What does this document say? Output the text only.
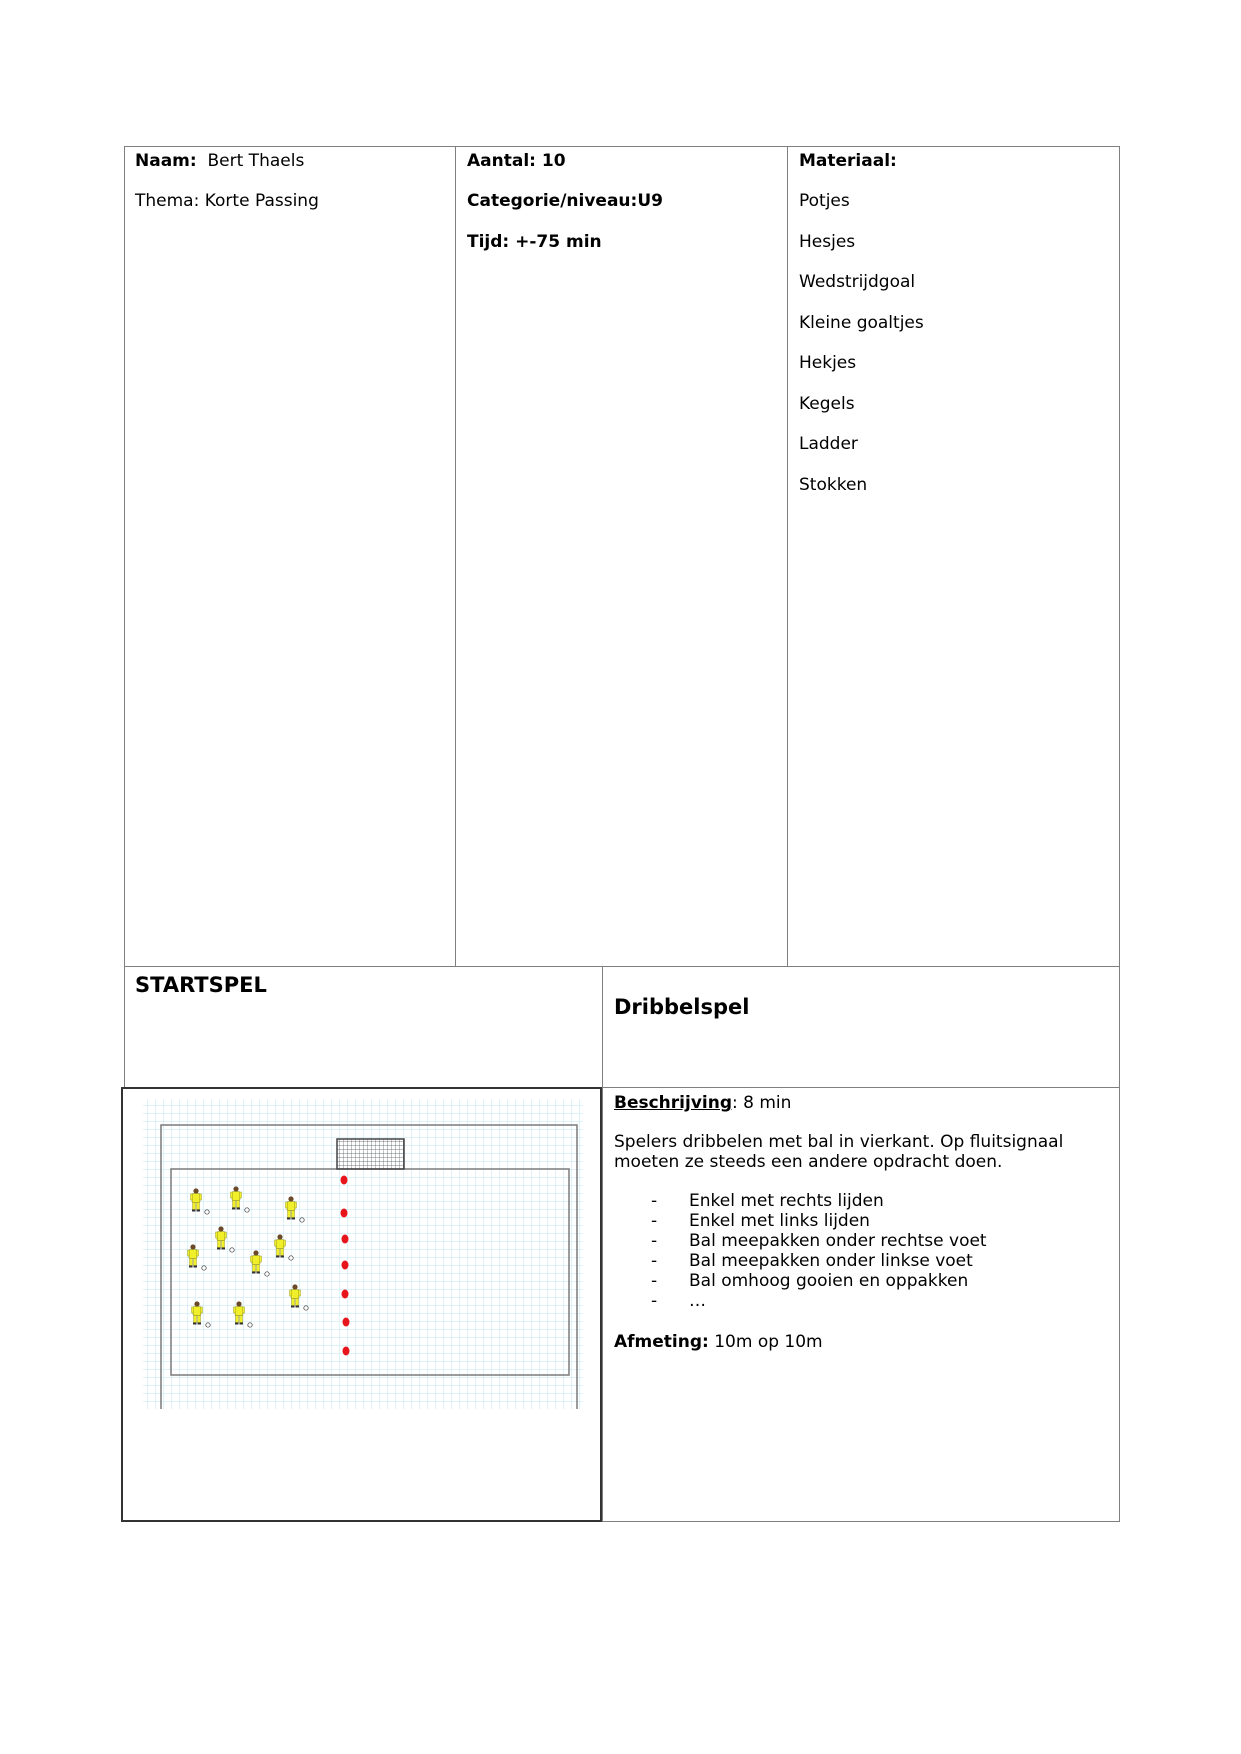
Naam: Bert Thaels
Thema: Korte Passing
Aantal: 10
Categorie/niveau:U9
Tijd: +-75 min
Materiaal:
Potjes
Hesjes
Wedstrijdgoal
Kleine goaltjes
Hekjes
Kegels
Ladder
Stokken
STARTSPEL
Dribbelspel
Beschrijving: 8 min
Spelers dribbelen met bal in vierkant. Op fluitsignaal moeten ze steeds een andere opdracht doen.
- Enkel met rechts lijden
- Enkel met links lijden
- Bal meepakken onder rechtse voet
- Bal meepakken onder linkse voet
- Bal omhoog gooien en oppakken
- …
Afmeting: 10m op 10m
